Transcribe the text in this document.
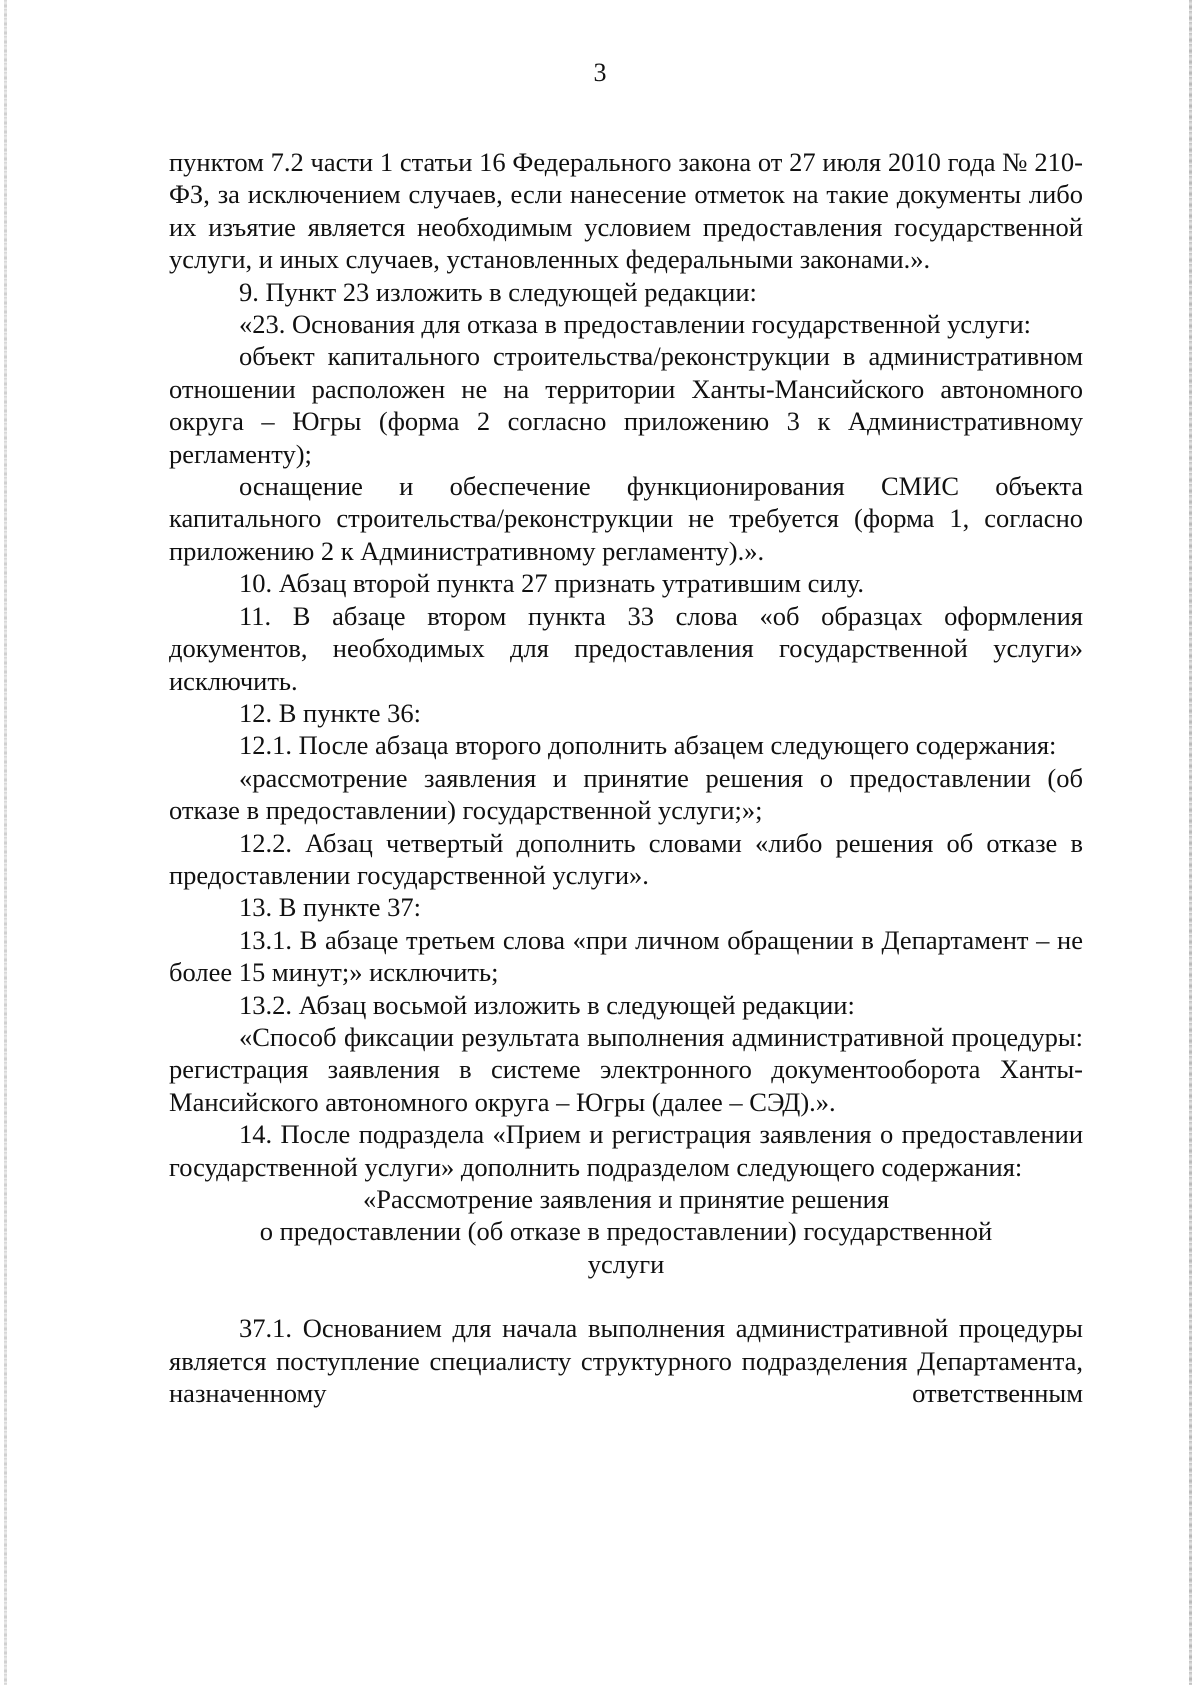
3

пунктом 7.2 части 1 статьи 16 Федерального закона от 27 июля 2010 года № 210-ФЗ, за исключением случаев, если нанесение отметок на такие документы либо их изъятие является необходимым условием предоставления государственной услуги, и иных случаев, установленных федеральными законами.».

9. Пункт 23 изложить в следующей редакции:

«23. Основания для отказа в предоставлении государственной услуги:

объект капитального строительства/реконструкции в административном отношении расположен не на территории Ханты-Мансийского автономного округа – Югры (форма 2 согласно приложению 3 к Административному регламенту);

оснащение и обеспечение функционирования СМИС объекта капитального строительства/реконструкции не требуется (форма 1, согласно приложению 2 к Административному регламенту).».

10. Абзац второй пункта 27 признать утратившим силу.

11. В абзаце втором пункта 33 слова «об образцах оформления документов, необходимых для предоставления государственной услуги» исключить.

12. В пункте 36:

12.1. После абзаца второго дополнить абзацем следующего содержания:

«рассмотрение заявления и принятие решения о предоставлении (об отказе в предоставлении) государственной услуги;»;

12.2. Абзац четвертый дополнить словами «либо решения об отказе в предоставлении государственной услуги».

13. В пункте 37:

13.1. В абзаце третьем слова «при личном обращении в Департамент – не более 15 минут;» исключить;

13.2. Абзац восьмой изложить в следующей редакции:

«Способ фиксации результата выполнения административной процедуры: регистрация заявления в системе электронного документооборота Ханты-Мансийского автономного округа – Югры (далее – СЭД).».

14. После подраздела «Прием и регистрация заявления о предоставлении государственной услуги» дополнить подразделом следующего содержания:

«Рассмотрение заявления и принятие решения

о предоставлении (об отказе в предоставлении) государственной

услуги

37.1. Основанием для начала выполнения административной процедуры является поступление специалисту структурного подразделения Департамента, назначенному ответственным
